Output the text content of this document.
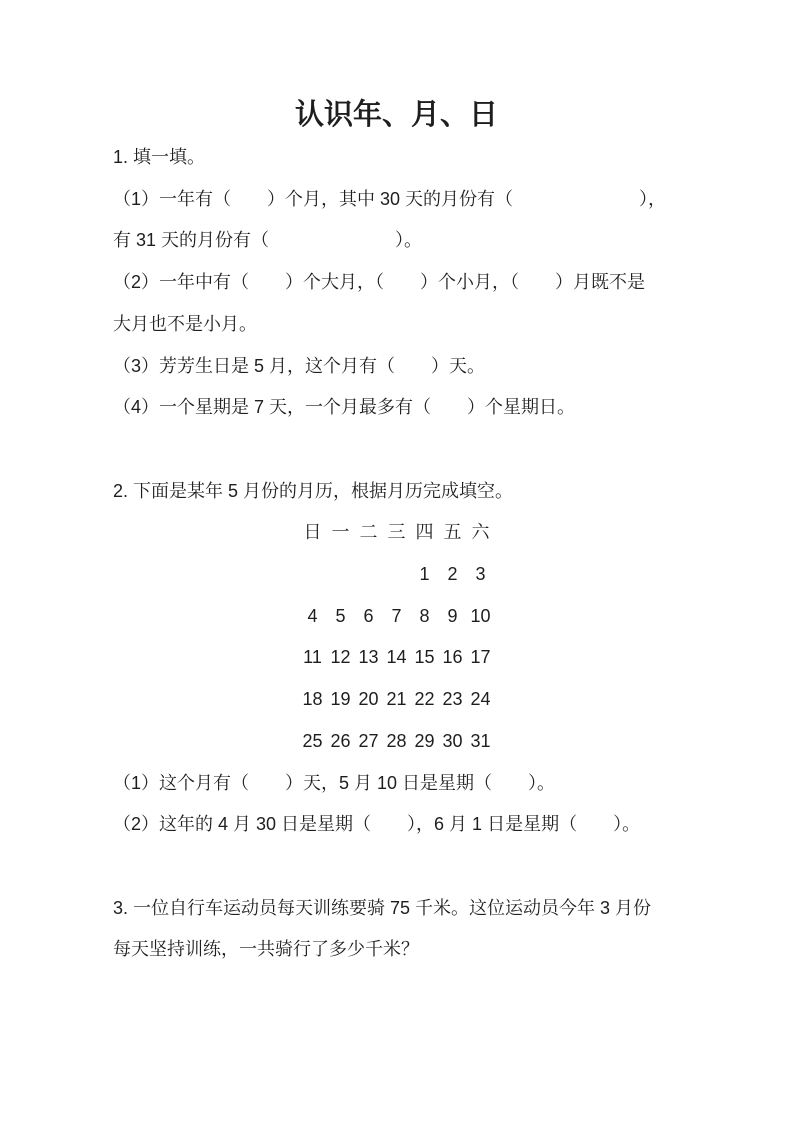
认识年、月、日
1. 填一填。
（1）一年有（　　）个月，其中 30 天的月份有（　　　　　　　），
有 31 天的月份有（　　　　　　　）。
（2）一年中有（　　）个大月，（　　）个小月，（　　）月既不是
大月也不是小月。
（3）芳芳生日是 5 月，这个月有（　　）天。
（4）一个星期是 7 天，一个月最多有（　　）个星期日。
2. 下面是某年 5 月份的月历，根据月历完成填空。
日	一	二	三	四	五	六
				1	2	3
4	5	6	7	8	9	10
11	12	13	14	15	16	17
18	19	20	21	22	23	24
25	26	27	28	29	30	31
（1）这个月有（　　）天，5 月 10 日是星期（　　）。
（2）这年的 4 月 30 日是星期（　　），6 月 1 日是星期（　　）。
3. 一位自行车运动员每天训练要骑 75 千米。这位运动员今年 3 月份
每天坚持训练，一共骑行了多少千米？
